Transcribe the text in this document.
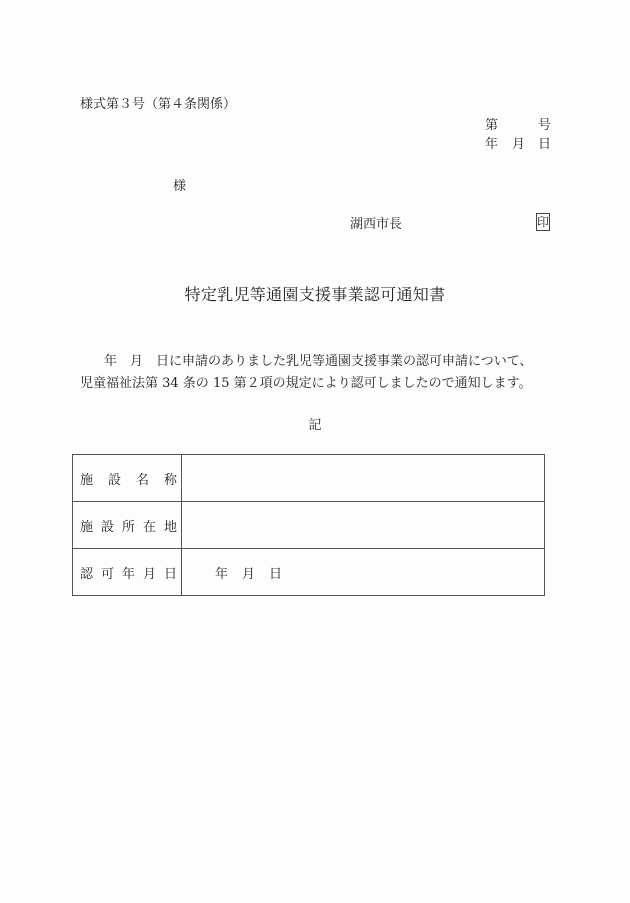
様式第３号（第４条関係）
第	号
年 月 日
様
湖西市長	印
特定乳児等通園支援事業認可通知書
年　月　日に申請のありました乳児等通園支援事業の認可申請について、
児童福祉法第 34 条の 15 第２項の規定により認可しましたので通知します。
記
施 設 名 称	

施 設 所 在 地	

認 可 年 月 日	年 月 日
